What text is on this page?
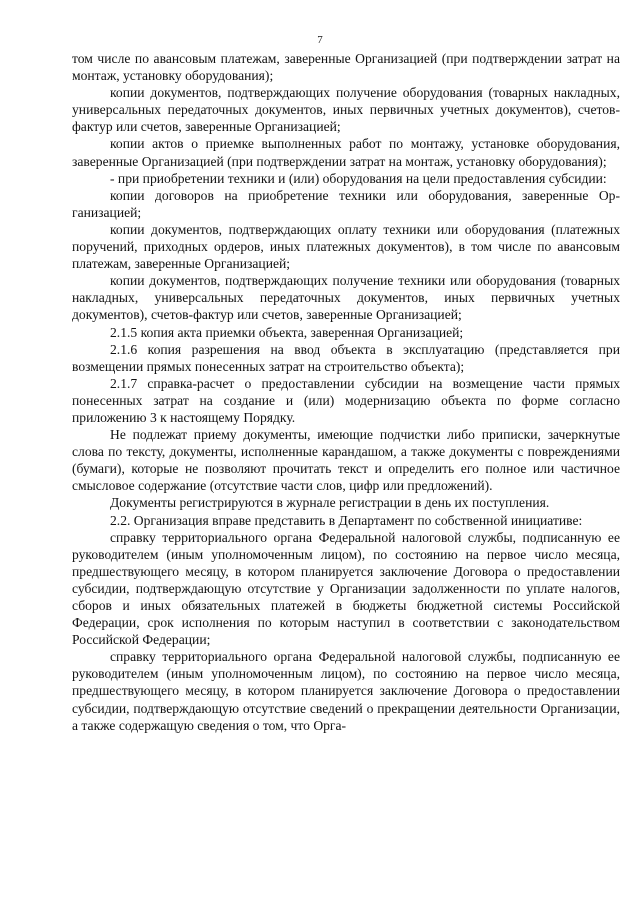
7

том числе по авансовым платежам, заверенные Организацией (при подтверждении затрат на монтаж, установку оборудования);

копии документов, подтверждающих получение оборудования (товарных накладных, универсальных передаточных документов, иных первичных учетных документов), счетов-фактур или счетов, заверенные Организацией;

копии актов о приемке выполненных работ по монтажу, установке оборудования, заверенные Организацией (при подтверждении затрат на монтаж, установку оборудования);

- при приобретении техники и (или) оборудования на цели предоставления субсидии:

копии договоров на приобретение техники или оборудования, заверенные Организацией;

копии документов, подтверждающих оплату техники или оборудования (платежных поручений, приходных ордеров, иных платежных документов), в том числе по авансовым платежам, заверенные Организацией;

копии документов, подтверждающих получение техники или оборудования (товарных накладных, универсальных передаточных документов, иных первичных учетных документов), счетов-фактур или счетов, заверенные Организацией;

2.1.5 копия акта приемки объекта, заверенная Организацией;

2.1.6 копия разрешения на ввод объекта в эксплуатацию (представляется при возмещении прямых понесенных затрат на строительство объекта);

2.1.7 справка-расчет о предоставлении субсидии на возмещение части прямых понесенных затрат на создание и (или) модернизацию объекта по форме согласно приложению 3 к настоящему Порядку.

Не подлежат приему документы, имеющие подчистки либо приписки, зачеркнутые слова по тексту, документы, исполненные карандашом, а также документы с повреждениями (бумаги), которые не позволяют прочитать текст и определить его полное или частичное смысловое содержание (отсутствие части слов, цифр или предложений).

Документы регистрируются в журнале регистрации в день их поступления.

2.2. Организация вправе представить в Департамент по собственной инициативе:

справку территориального органа Федеральной налоговой службы, подписанную ее руководителем (иным уполномоченным лицом), по состоянию на первое число месяца, предшествующего месяцу, в котором планируется заключение Договора о предоставлении субсидии, подтверждающую отсутствие у Организации задолженности по уплате налогов, сборов и иных обязательных платежей в бюджеты бюджетной системы Российской Федерации, срок исполнения по которым наступил в соответствии с законодательством Российской Федерации;

справку территориального органа Федеральной налоговой службы, подписанную ее руководителем (иным уполномоченным лицом), по состоянию на первое число месяца, предшествующего месяцу, в котором планируется заключение Договора о предоставлении субсидии, подтверждающую отсутствие сведений о прекращении деятельности Организации, а также содержащую сведения о том, что Орга-
